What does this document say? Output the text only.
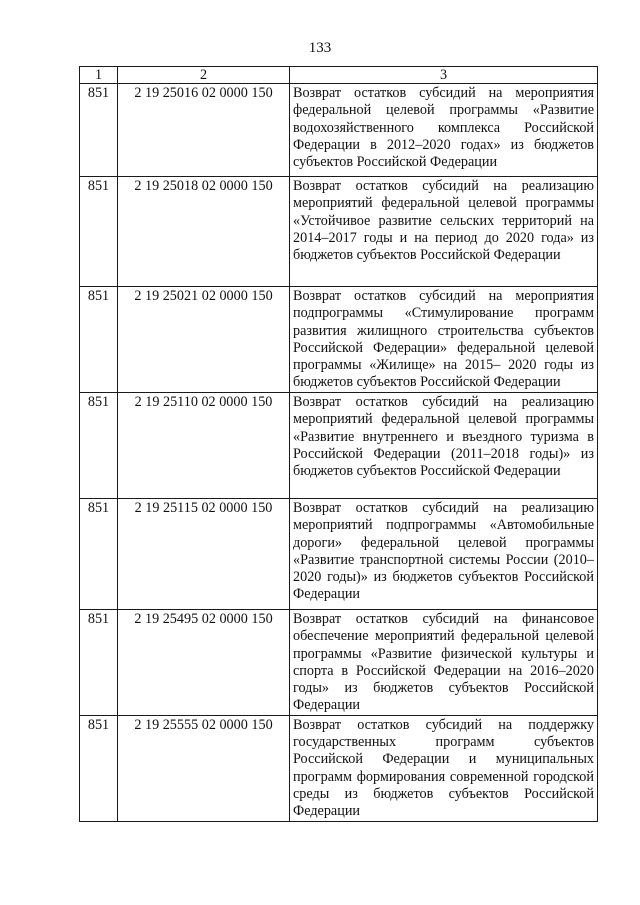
133
1	2	3
851	2 19 25016 02 0000 150	Возврат остатков субсидий на мероприятия федеральной целевой программы «Развитие водохозяйственного комплекса Российской Федерации в 2012–2020 годах» из бюджетов субъектов Российской Федерации
851	2 19 25018 02 0000 150	Возврат остатков субсидий на реализацию мероприятий федеральной целевой программы «Устойчивое развитие сельских территорий на 2014–2017 годы и на период до 2020 года» из бюджетов субъектов Российской Федерации
851	2 19 25021 02 0000 150	Возврат остатков субсидий на мероприятия подпрограммы «Стимулирование программ развития жилищного строительства субъектов Российской Федерации» федеральной целевой программы «Жилище» на 2015– 2020 годы из бюджетов субъектов Российской Федерации
851	2 19 25110 02 0000 150	Возврат остатков субсидий на реализацию мероприятий федеральной целевой программы «Развитие внутреннего и въездного туризма в Российской Федерации (2011–2018 годы)» из бюджетов субъектов Российской Федерации
851	2 19 25115 02 0000 150	Возврат остатков субсидий на реализацию мероприятий подпрограммы «Автомобильные дороги» федеральной целевой программы «Развитие транспортной системы России (2010–2020 годы)» из бюджетов субъектов Российской Федерации
851	2 19 25495 02 0000 150	Возврат остатков субсидий на финансовое обеспечение мероприятий федеральной целевой программы «Развитие физической культуры и спорта в Российской Федерации на 2016–2020 годы» из бюджетов субъектов Российской Федерации
851	2 19 25555 02 0000 150	Возврат остатков субсидий на поддержку государственных программ субъектов Российской Федерации и муниципальных программ формирования современной городской среды из бюджетов субъектов Российской Федерации
